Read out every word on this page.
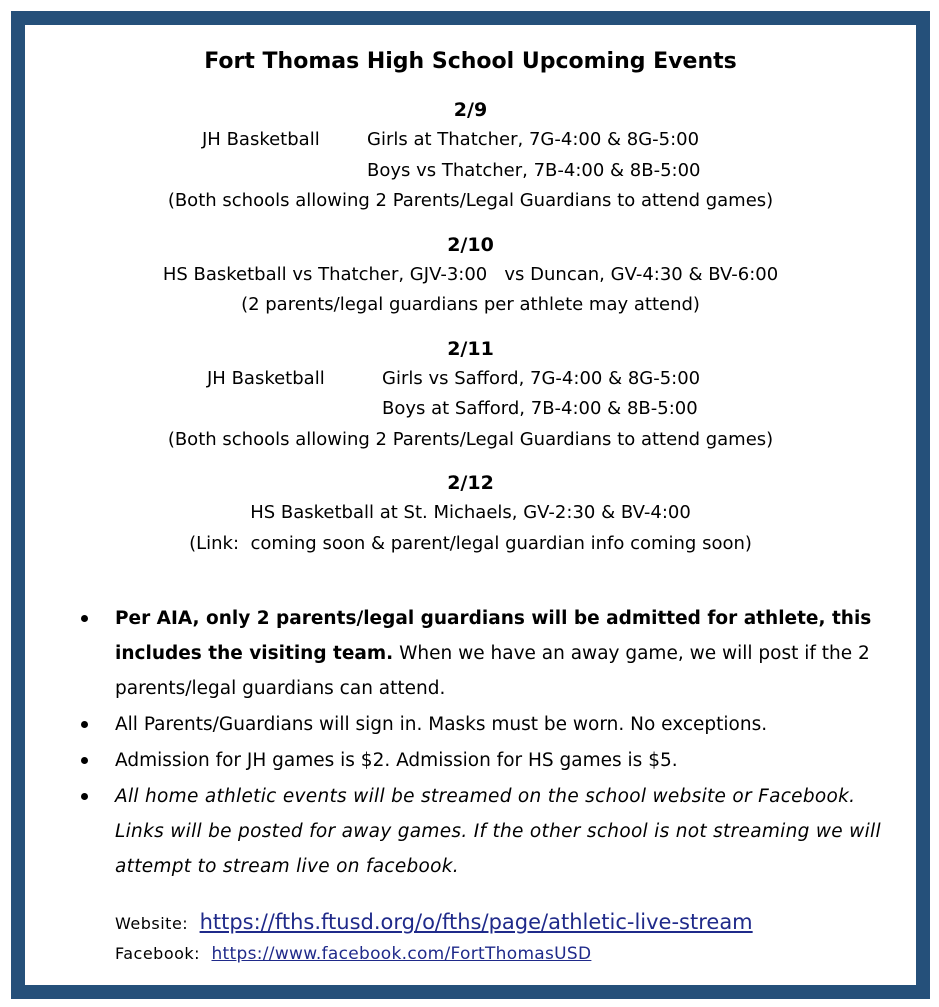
Fort Thomas High School Upcoming Events
2/9
JH Basketball	Girls at Thatcher, 7G-4:00 & 8G-5:00
Boys vs Thatcher, 7B-4:00 & 8B-5:00
(Both schools allowing 2 Parents/Legal Guardians to attend games)
2/10
HS Basketball vs Thatcher, GJV-3:00   vs Duncan, GV-4:30 & BV-6:00
(2 parents/legal guardians per athlete may attend)
2/11
JH Basketball	Girls vs Safford, 7G-4:00 & 8G-5:00
Boys at Safford, 7B-4:00 & 8B-5:00
(Both schools allowing 2 Parents/Legal Guardians to attend games)
2/12
HS Basketball at St. Michaels, GV-2:30 & BV-4:00
(Link:  coming soon & parent/legal guardian info coming soon)
Per AIA, only 2 parents/legal guardians will be admitted for athlete, this includes the visiting team. When we have an away game, we will post if the 2 parents/legal guardians can attend.
All Parents/Guardians will sign in. Masks must be worn. No exceptions.
Admission for JH games is $2. Admission for HS games is $5.
All home athletic events will be streamed on the school website or Facebook. Links will be posted for away games. If the other school is not streaming we will attempt to stream live on facebook.
Website: https://fths.ftusd.org/o/fths/page/athletic-live-stream
Facebook: https://www.facebook.com/FortThomasUSD
